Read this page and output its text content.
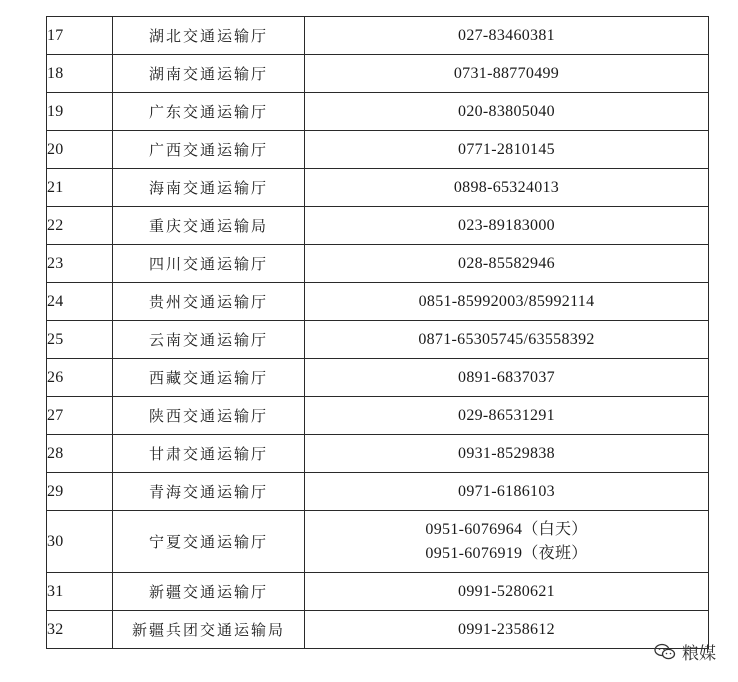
17	湖北交通运输厅	027-83460381

18	湖南交通运输厅	0731-88770499

19	广东交通运输厅	020-83805040

20	广西交通运输厅	0771-2810145

21	海南交通运输厅	0898-65324013

22	重庆交通运输局	023-89183000

23	四川交通运输厅	028-85582946

24	贵州交通运输厅	0851-85992003/85992114

25	云南交通运输厅	0871-65305745/63558392

26	西藏交通运输厅	0891-6837037

27	陕西交通运输厅	029-86531291

28	甘肃交通运输厅	0931-8529838

29	青海交通运输厅	0971-6186103

30	宁夏交通运输厅	0951-6076964（白天）
0951-6076919（夜班）

31	新疆交通运输厅	0991-5280621

32	新疆兵团交通运输局	0991-2358612
粮媒
